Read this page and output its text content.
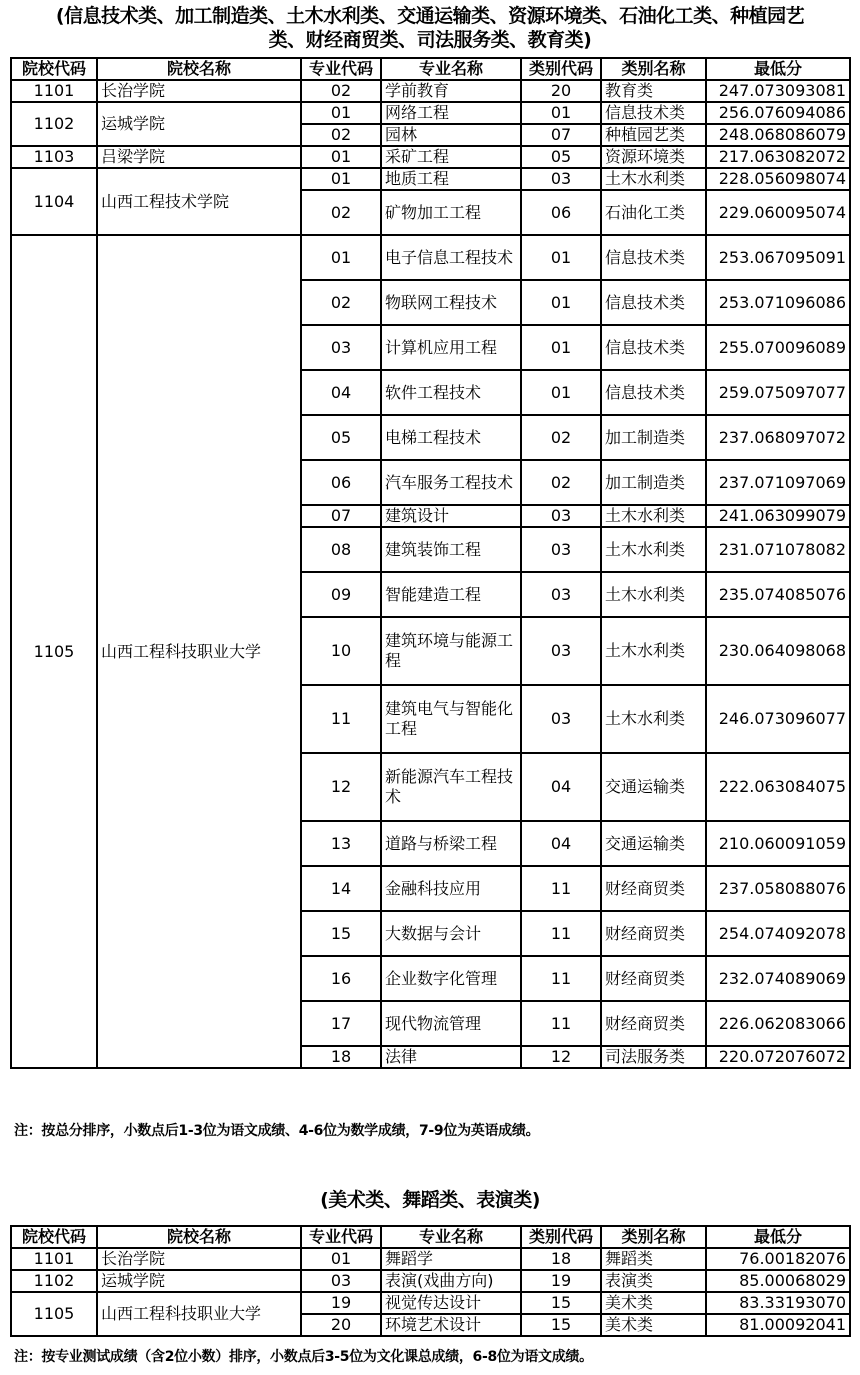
(信息技术类、加工制造类、土木水利类、交通运输类、资源环境类、石油化工类、种植园艺
类、财经商贸类、司法服务类、教育类)
院校代码	院校名称	专业代码	专业名称	类别代码	类别名称	最低分
1101	长治学院	02	学前教育	20	教育类	247.073093081
1102	运城学院	01	网络工程	01	信息技术类	256.076094086
		02	园林	07	种植园艺类	248.068086079
1103	吕梁学院	01	采矿工程	05	资源环境类	217.063082072
1104	山西工程技术学院	01	地质工程	03	土木水利类	228.056098074
		02	矿物加工工程	06	石油化工类	229.060095074
1105	山西工程科技职业大学	01	电子信息工程技术	01	信息技术类	253.067095091
		02	物联网工程技术	01	信息技术类	253.071096086
		03	计算机应用工程	01	信息技术类	255.070096089
		04	软件工程技术	01	信息技术类	259.075097077
		05	电梯工程技术	02	加工制造类	237.068097072
		06	汽车服务工程技术	02	加工制造类	237.071097069
		07	建筑设计	03	土木水利类	241.063099079
		08	建筑装饰工程	03	土木水利类	231.071078082
		09	智能建造工程	03	土木水利类	235.074085076
		10	建筑环境与能源工程	03	土木水利类	230.064098068
		11	建筑电气与智能化工程	03	土木水利类	246.073096077
		12	新能源汽车工程技术	04	交通运输类	222.063084075
		13	道路与桥梁工程	04	交通运输类	210.060091059
		14	金融科技应用	11	财经商贸类	237.058088076
		15	大数据与会计	11	财经商贸类	254.074092078
		16	企业数字化管理	11	财经商贸类	232.074089069
		17	现代物流管理	11	财经商贸类	226.062083066
		18	法律	12	司法服务类	220.072076072
注：按总分排序，小数点后1-3位为语文成绩、4-6位为数学成绩，7-9位为英语成绩。
(美术类、舞蹈类、表演类)
院校代码	院校名称	专业代码	专业名称	类别代码	类别名称	最低分
1101	长治学院	01	舞蹈学	18	舞蹈类	76.00182076
1102	运城学院	03	表演(戏曲方向)	19	表演类	85.00068029
1105	山西工程科技职业大学	19	视觉传达设计	15	美术类	83.33193070
		20	环境艺术设计	15	美术类	81.00092041
注：按专业测试成绩（含2位小数）排序，小数点后3-5位为文化课总成绩，6-8位为语文成绩。
